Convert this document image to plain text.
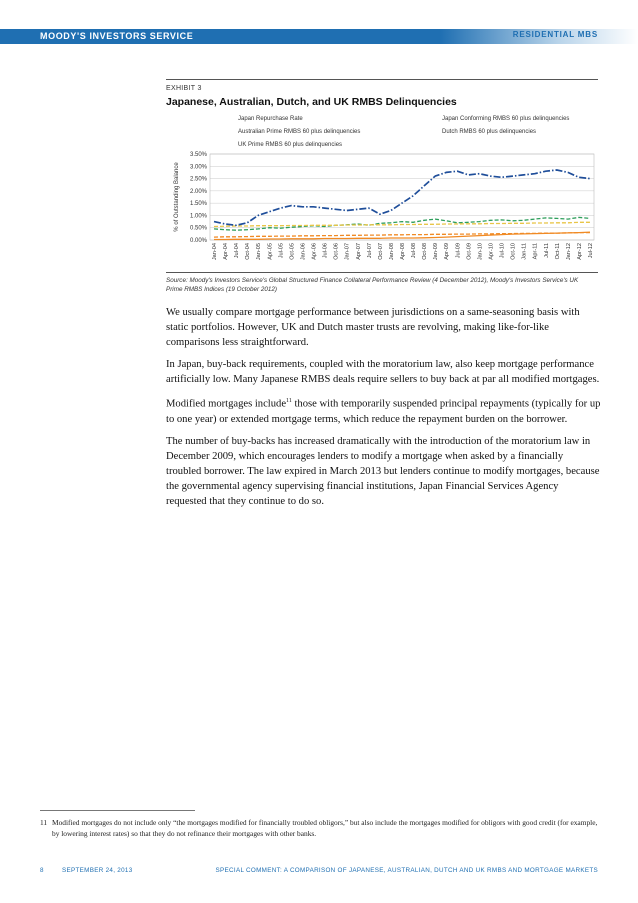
MOODY'S INVESTORS SERVICE	RESIDENTIAL MBS
EXHIBIT 3
Japanese, Australian, Dutch, and UK RMBS Delinquencies
Japan Repurchase Rate	Japan Conforming RMBS 60 plus delinquencies
Australian Prime RMBS 60 plus delinquencies	Dutch RMBS 60 plus delinquencies
UK Prime RMBS 60 plus delinquencies
0.00%
0.50%
1.00%
1.50%
2.00%
2.50%
3.00%
3.50%
% of Outstanding Balance
Jan-04 Apr-04 Jul-04 Oct-04 Jan-05 Apr-05 Jul-05 Oct-05 Jan-06 Apr-06 Jul-06 Oct-06 Jan-07 Apr-07 Jul-07 Oct-07 Jan-08 Apr-08 Jul-08 Oct-08 Jan-09 Apr-09 Jul-09 Oct-09 Jan-10 Apr-10 Jul-10 Oct-10 Jan-11 Apr-11 Jul-11 Oct-11 Jan-12 Apr-12 Jul-12
Source: Moody's Investors Service's Global Structured Finance Collateral Performance Review (4 December 2012), Moody's Investors Service's UK Prime RMBS Indices (19 October 2012)

We usually compare mortgage performance between jurisdictions on a same-seasoning basis with static portfolios. However, UK and Dutch master trusts are revolving, making like-for-like comparisons less straightforward.

In Japan, buy-back requirements, coupled with the moratorium law, also keep mortgage performance artificially low. Many Japanese RMBS deals require sellers to buy back at par all modified mortgages.

Modified mortgages include$^{11}$ those with temporarily suspended principal repayments (typically for up to one year) or extended mortgage terms, which reduce the repayment burden on the borrower.

The number of buy-backs has increased dramatically with the introduction of the moratorium law in December 2009, which encourages lenders to modify a mortgage when asked by a financially troubled borrower. The law expired in March 2013 but lenders continue to modify mortgages, because the governmental agency supervising financial institutions, Japan Financial Services Agency requested that they continue to do so.

11 Modified mortgages do not include only “the mortgages modified for financially troubled obligors,” but also include the mortgages modified for obligors with good credit (for example, by lowering interest rates) so that they do not refinance their mortgages with other banks.
8	SEPTEMBER 24, 2013	SPECIAL COMMENT: A COMPARISON OF JAPANESE, AUSTRALIAN, DUTCH AND UK RMBS AND MORTGAGE MARKETS
